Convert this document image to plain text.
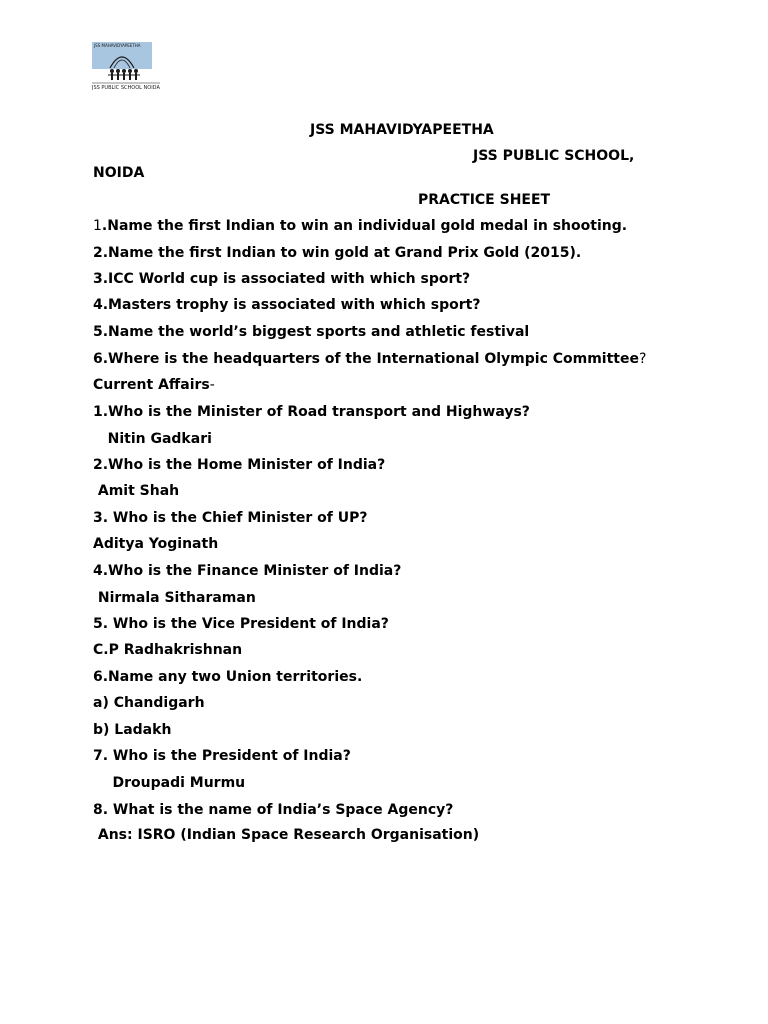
JSS MAHAVIDYAPEETHA
JSS PUBLIC SCHOOL NOIDA
JSS MAHAVIDYAPEETHA
JSS PUBLIC SCHOOL,
NOIDA
PRACTICE SHEET
1.Name the first Indian to win an individual gold medal in shooting.
2.Name the first Indian to win gold at Grand Prix Gold (2015).
3.ICC World cup is associated with which sport?
4.Masters trophy is associated with which sport?
5.Name the world’s biggest sports and athletic festival
6.Where is the headquarters of the International Olympic Committee?
Current Affairs-
1.Who is the Minister of Road transport and Highways?
Nitin Gadkari
2.Who is the Home Minister of India?
Amit Shah
3. Who is the Chief Minister of UP?
Aditya Yoginath
4.Who is the Finance Minister of India?
Nirmala Sitharaman
5. Who is the Vice President of India?
C.P Radhakrishnan
6.Name any two Union territories.
a) Chandigarh
b) Ladakh
7. Who is the President of India?
Droupadi Murmu
8. What is the name of India’s Space Agency?
Ans: ISRO (Indian Space Research Organisation)
